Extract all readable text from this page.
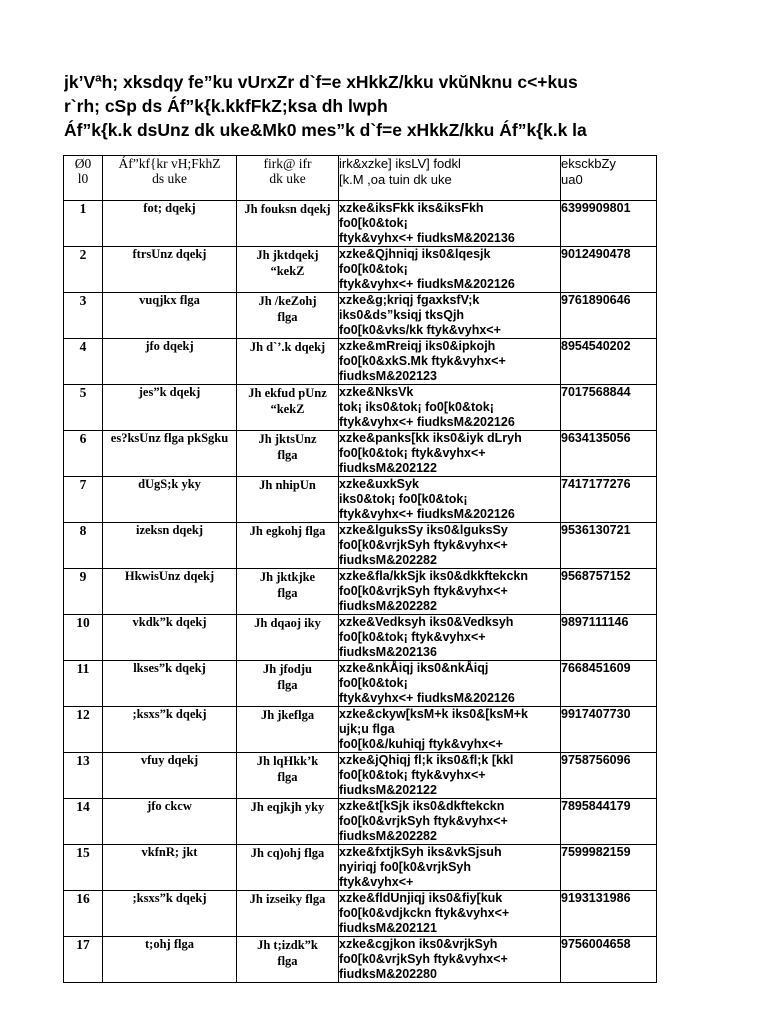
jk’Vªh; xksdqy fe”ku vUrxZr d`f=e xHkkZ/kku vkŭNknu c<+kus
r`rh; cSp ds Áf”k{k.kkfFkZ;ksa dh lwph
Áf”k{k.k dsUnz dk uke&Mk0 mes”k d`f=e xHkkZ/kku Áf”k{k.k la
Ø0
l0	Áf”kf{kr vH;FkhZ
ds uke	firk@ ifr
dk uke	irk&xzke] iksLV] fodkl
[k.M ,oa tuin dk uke	eksckbZy
ua0
1	fot; dqekj	Jh fouksn dqekj	xzke&iksFkk iks&iksFkh
fo0[k0&tok¡
ftyk&vyhx<+ fiudksM&202136	6399909801
2	ftrsUnz dqekj	Jh jktdqekj
“kekZ	xzke&Qjhniqj iks0&lqesjk
fo0[k0&tok¡
ftyk&vyhx<+ fiudksM&202126	9012490478
3	vuqjkx flga	Jh /keZohj
flga	xzke&g;kriqj fgaxksfV;k
iks0&ds”ksiqj tksQjh
fo0[k0&vks/kk ftyk&vyhx<+	9761890646
4	jfo dqekj	Jh d`’.k dqekj	xzke&mRreiqj iks0&ipkojh
fo0[k0&xkS.Mk ftyk&vyhx<+
fiudksM&202123	8954540202
5	jes”k dqekj	Jh ekfud pUnz
“kekZ	xzke&NksVk
tok¡ iks0&tok¡ fo0[k0&tok¡
ftyk&vyhx<+ fiudksM&202126	7017568844
6	es?ksUnz flga pkSgku	Jh jktsUnz
flga	xzke&panks[kk iks0&iyk dLryh
fo0[k0&tok¡ ftyk&vyhx<+
fiudksM&202122	9634135056
7	dUgS;k yky	Jh nhipUn	xzke&uxkSyk
iks0&tok¡ fo0[k0&tok¡
ftyk&vyhx<+ fiudksM&202126	7417177276
8	izeksn dqekj	Jh egkohj flga	xzke&lguksSy iks0&lguksSy
fo0[k0&vrjkSyh ftyk&vyhx<+
fiudksM&202282	9536130721
9	HkwisUnz dqekj	Jh jktkjke
flga	xzke&fla/kkSjk iks0&dkkftekckn
fo0[k0&vrjkSyh ftyk&vyhx<+
fiudksM&202282	9568757152
10	vkdk”k dqekj	Jh dqaoj iky	xzke&Vedksyh iks0&Vedksyh
fo0[k0&tok¡ ftyk&vyhx<+
fiudksM&202136	9897111146
11	lkses”k dqekj	Jh jfodju
flga	xzke&nkÅiqj iks0&nkÅiqj
fo0[k0&tok¡
ftyk&vyhx<+ fiudksM&202126	7668451609
12	;ksxs”k dqekj	Jh jkeflga	xzke&ckyw[ksM+k iks0&[ksM+k
ujk;u flga
fo0[k0&/kuhiqj ftyk&vyhx<+	9917407730
13	vfuy dqekj	Jh lqHkk’k
flga	xzke&jQhiqj fl;k iks0&fl;k [kkl
fo0[k0&tok¡ ftyk&vyhx<+
fiudksM&202122	9758756096
14	jfo ckcw	Jh eqjkjh yky	xzke&t[kSjk iks0&dkftekckn
fo0[k0&vrjkSyh ftyk&vyhx<+
fiudksM&202282	7895844179
15	vkfnR; jkt	Jh cq)ohj flga	xzke&fxtjkSyh iks&vkSjsuh
nyiriqj fo0[k0&vrjkSyh
ftyk&vyhx<+	7599982159
16	;ksxs”k dqekj	Jh izseiky flga	xzke&fldUnjiqj iks0&fiy[kuk
fo0[k0&vdjkckn ftyk&vyhx<+
fiudksM&202121	9193131986
17	t;ohj flga	Jh t;izdk”k
flga	xzke&cgjkon iks0&vrjkSyh
fo0[k0&vrjkSyh ftyk&vyhx<+
fiudksM&202280	9756004658
